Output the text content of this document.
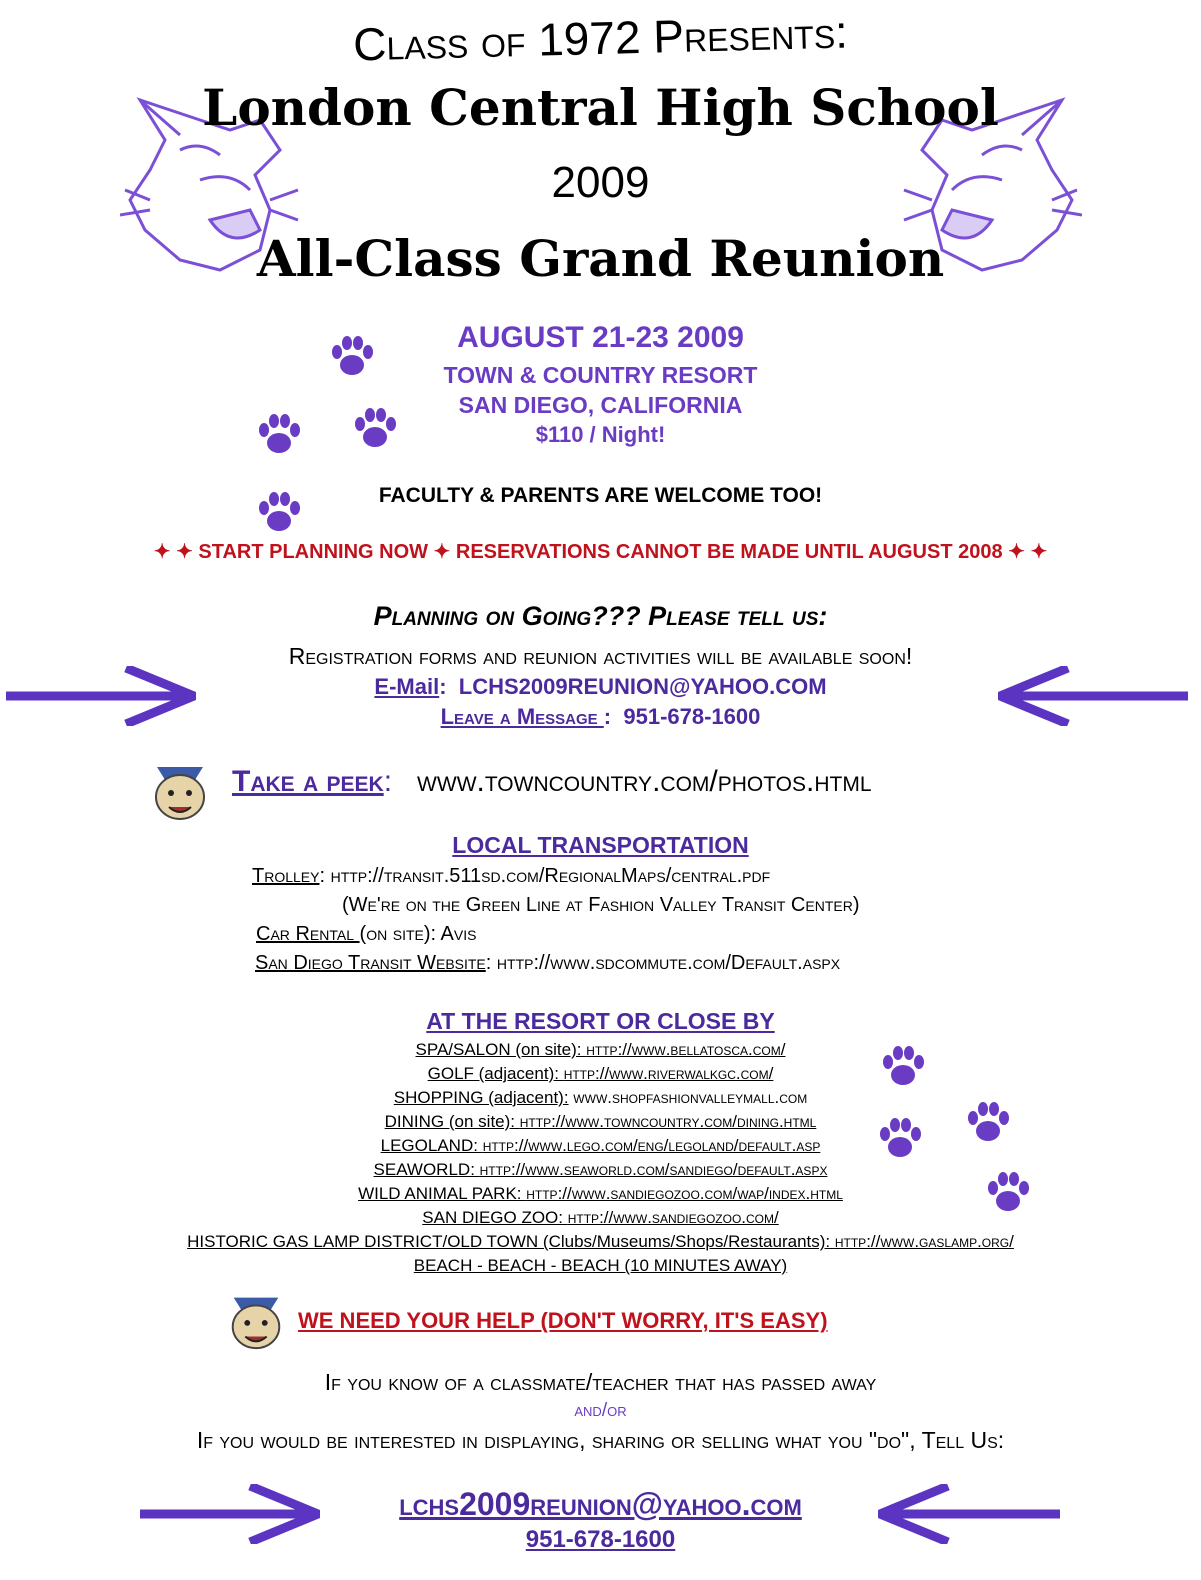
Class of 1972 Presents:
London Central High School
2009
All-Class Grand Reunion
AUGUST 21-23 2009
TOWN & COUNTRY RESORT
SAN DIEGO, CALIFORNIA
$110 / Night!
FACULTY & PARENTS ARE WELCOME TOO!
✦ ✦ START PLANNING NOW ✦ RESERVATIONS CANNOT BE MADE UNTIL AUGUST 2008 ✦ ✦
Planning on Going??? Please tell us:
Registration forms and reunion activities will be available soon!
E-Mail:  LCHS2009REUNION@YAHOO.COM
Leave a Message :  951-678-1600
Take a peek: www.towncountry.com/photos.html
LOCAL TRANSPORTATION
Trolley: http://transit.511sd.com/RegionalMaps/central.pdf
(We're on the Green Line at Fashion Valley Transit Center)
Car Rental (on site): Avis
San Diego Transit Website: http://www.sdcommute.com/Default.aspx
AT THE RESORT OR CLOSE BY
SPA/SALON (on site): http://www.bellatosca.com/
GOLF (adjacent): http://www.riverwalkgc.com/
SHOPPING (adjacent): www.shopfashionvalleymall.com
DINING (on site): http://www.towncountry.com/dining.html
LEGOLAND: http://www.lego.com/eng/legoland/default.asp
SEAWORLD: http://www.seaworld.com/sandiego/default.aspx
WILD ANIMAL PARK: http://www.sandiegozoo.com/wap/index.html
SAN DIEGO ZOO: http://www.sandiegozoo.com/
HISTORIC GAS LAMP DISTRICT/OLD TOWN (Clubs/Museums/Shops/Restaurants): http://www.gaslamp.org/
BEACH - BEACH - BEACH (10 MINUTES AWAY)
WE NEED YOUR HELP (DON'T WORRY, IT'S EASY)
If you know of a classmate/teacher that has passed away
and/or
If you would be interested in displaying, sharing or selling what you "do", Tell Us:
lchs2009reunion@yahoo.com
951-678-1600
